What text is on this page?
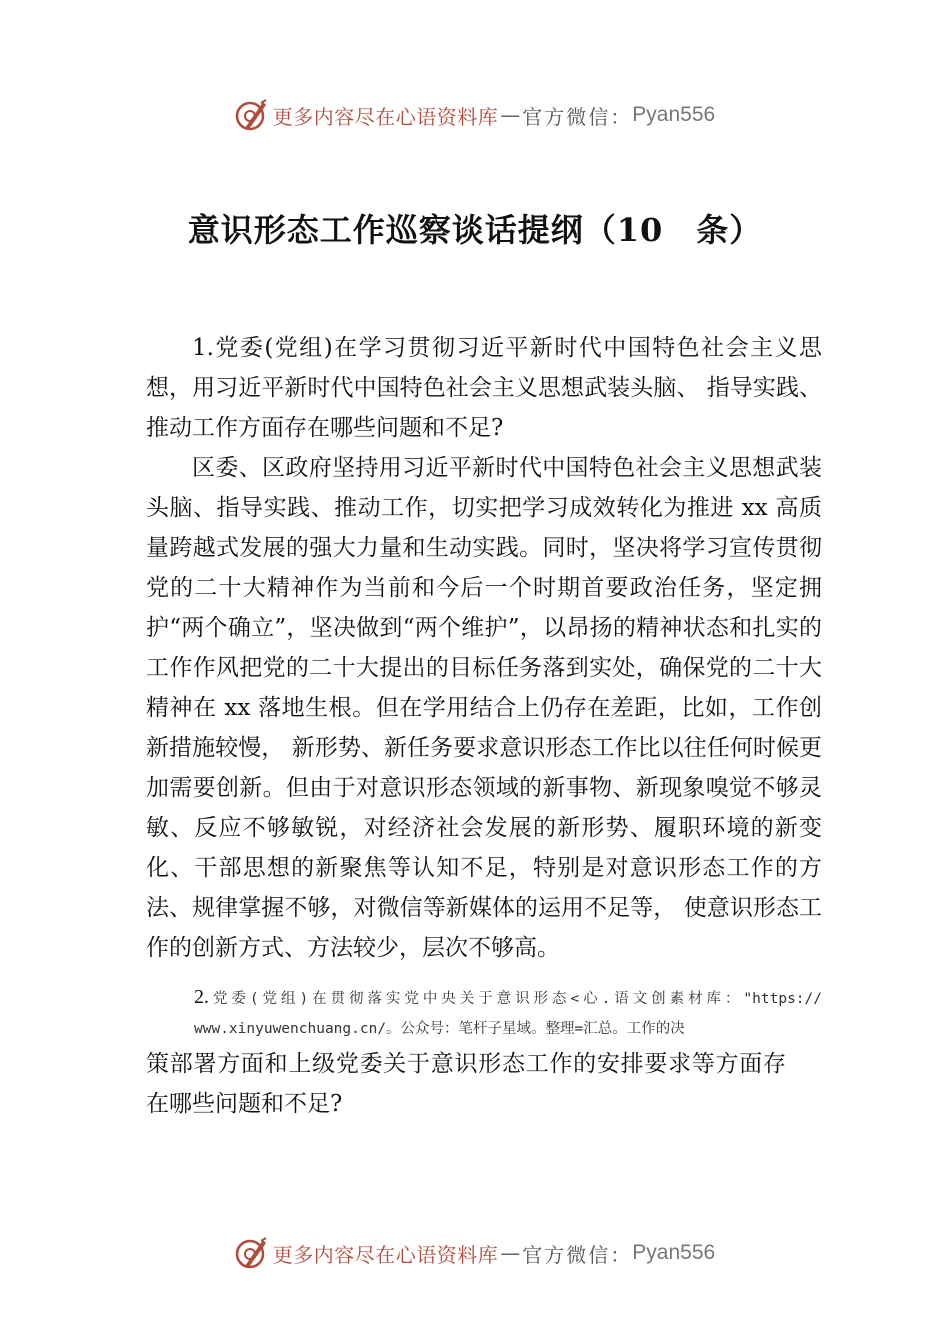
更多内容尽在心语资料库 — 官方微信： Pyan556
意识形态工作巡察谈话提纲（10　条）

1.党委(党组)在学习贯彻习近平新时代中国特色社会主义思想，用习近平新时代中国特色社会主义思想武装头脑、 指导实践、推动工作方面存在哪些问题和不足?

区委、区政府坚持用习近平新时代中国特色社会主义思想武装头脑、指导实践、推动工作，切实把学习成效转化为推进 xx 高质量跨越式发展的强大力量和生动实践。同时，坚决将学习宣传贯彻党的二十大精神作为当前和今后一个时期首要政治任务，坚定拥护“两个确立”，坚决做到“两个维护”，以昂扬的精神状态和扎实的工作作风把党的二十大提出的目标任务落到实处，确保党的二十大精神在 xx 落地生根。但在学用结合上仍存在差距，比如，工作创新措施较慢， 新形势、新任务要求意识形态工作比以往任何时候更加需要创新。但由于对意识形态领域的新事物、新现象嗅觉不够灵敏、反应不够敏锐，对经济社会发展的新形势、履职环境的新变化、干部思想的新聚焦等认知不足，特别是对意识形态工作的方法、规律掌握不够，对微信等新媒体的运用不足等， 使意识形态工作的创新方式、方法较少，层次不够高。

2.党委(党组)在贯彻落实党中央关于意识形态<心.语文创素材库："https:// www.xinyuwenchuang.cn/。公众号：笔杆子星域。整理=汇总。工作的决

策部署方面和上级党委关于意识形态工作的安排要求等方面存在哪些问题和不足?

更多内容尽在心语资料库 — 官方微信： Pyan556
